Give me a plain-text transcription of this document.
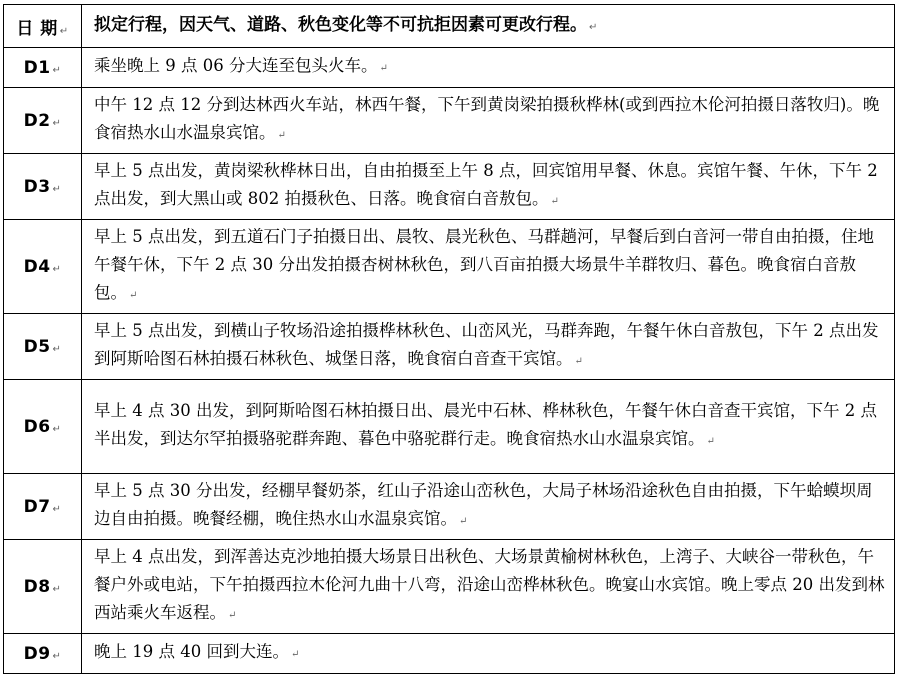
日 期 ↵	拟定行程，因天气、道路、秋色变化等不可抗拒因素可更改行程。 ↵
D1 ↵	乘坐晚上 9 点 06 分大连至包头火车。 ↵
D2 ↵	中午 12 点 12 分到达林西火车站，林西午餐，下午到黄岗梁拍摄秋桦林(或到西拉木伦河拍摄日落牧归)。晚食宿热水山水温泉宾馆。 ↵
D3 ↵	早上 5 点出发，黄岗梁秋桦林日出，自由拍摄至上午 8 点，回宾馆用早餐、休息。宾馆午餐、午休，下午 2 点出发，到大黑山或 802 拍摄秋色、日落。晚食宿白音敖包。 ↵
D4 ↵	早上 5 点出发，到五道石门子拍摄日出、晨牧、晨光秋色、马群趟河，早餐后到白音河一带自由拍摄，住地午餐午休，下午 2 点 30 分出发拍摄杏树林秋色，到八百亩拍摄大场景牛羊群牧归、暮色。晚食宿白音敖包。 ↵
D5 ↵	早上 5 点出发，到横山子牧场沿途拍摄桦林秋色、山峦风光，马群奔跑，午餐午休白音敖包，下午 2 点出发到阿斯哈图石林拍摄石林秋色、城堡日落，晚食宿白音查干宾馆。 ↵
D6 ↵	早上 4 点 30 出发，到阿斯哈图石林拍摄日出、晨光中石林、桦林秋色，午餐午休白音查干宾馆，下午 2 点半出发，到达尔罕拍摄骆驼群奔跑、暮色中骆驼群行走。晚食宿热水山水温泉宾馆。 ↵
D7 ↵	早上 5 点 30 分出发，经棚早餐奶茶，红山子沿途山峦秋色，大局子林场沿途秋色自由拍摄，下午蛤蟆坝周边自由拍摄。晚餐经棚，晚住热水山水温泉宾馆。 ↵
D8 ↵	早上 4 点出发，到浑善达克沙地拍摄大场景日出秋色、大场景黄榆树林秋色，上湾子、大峡谷一带秋色，午餐户外或电站，下午拍摄西拉木伦河九曲十八弯，沿途山峦桦林秋色。晚宴山水宾馆。晚上零点 20 出发到林西站乘火车返程。 ↵
D9 ↵	晚上 19 点 40 回到大连。 ↵
